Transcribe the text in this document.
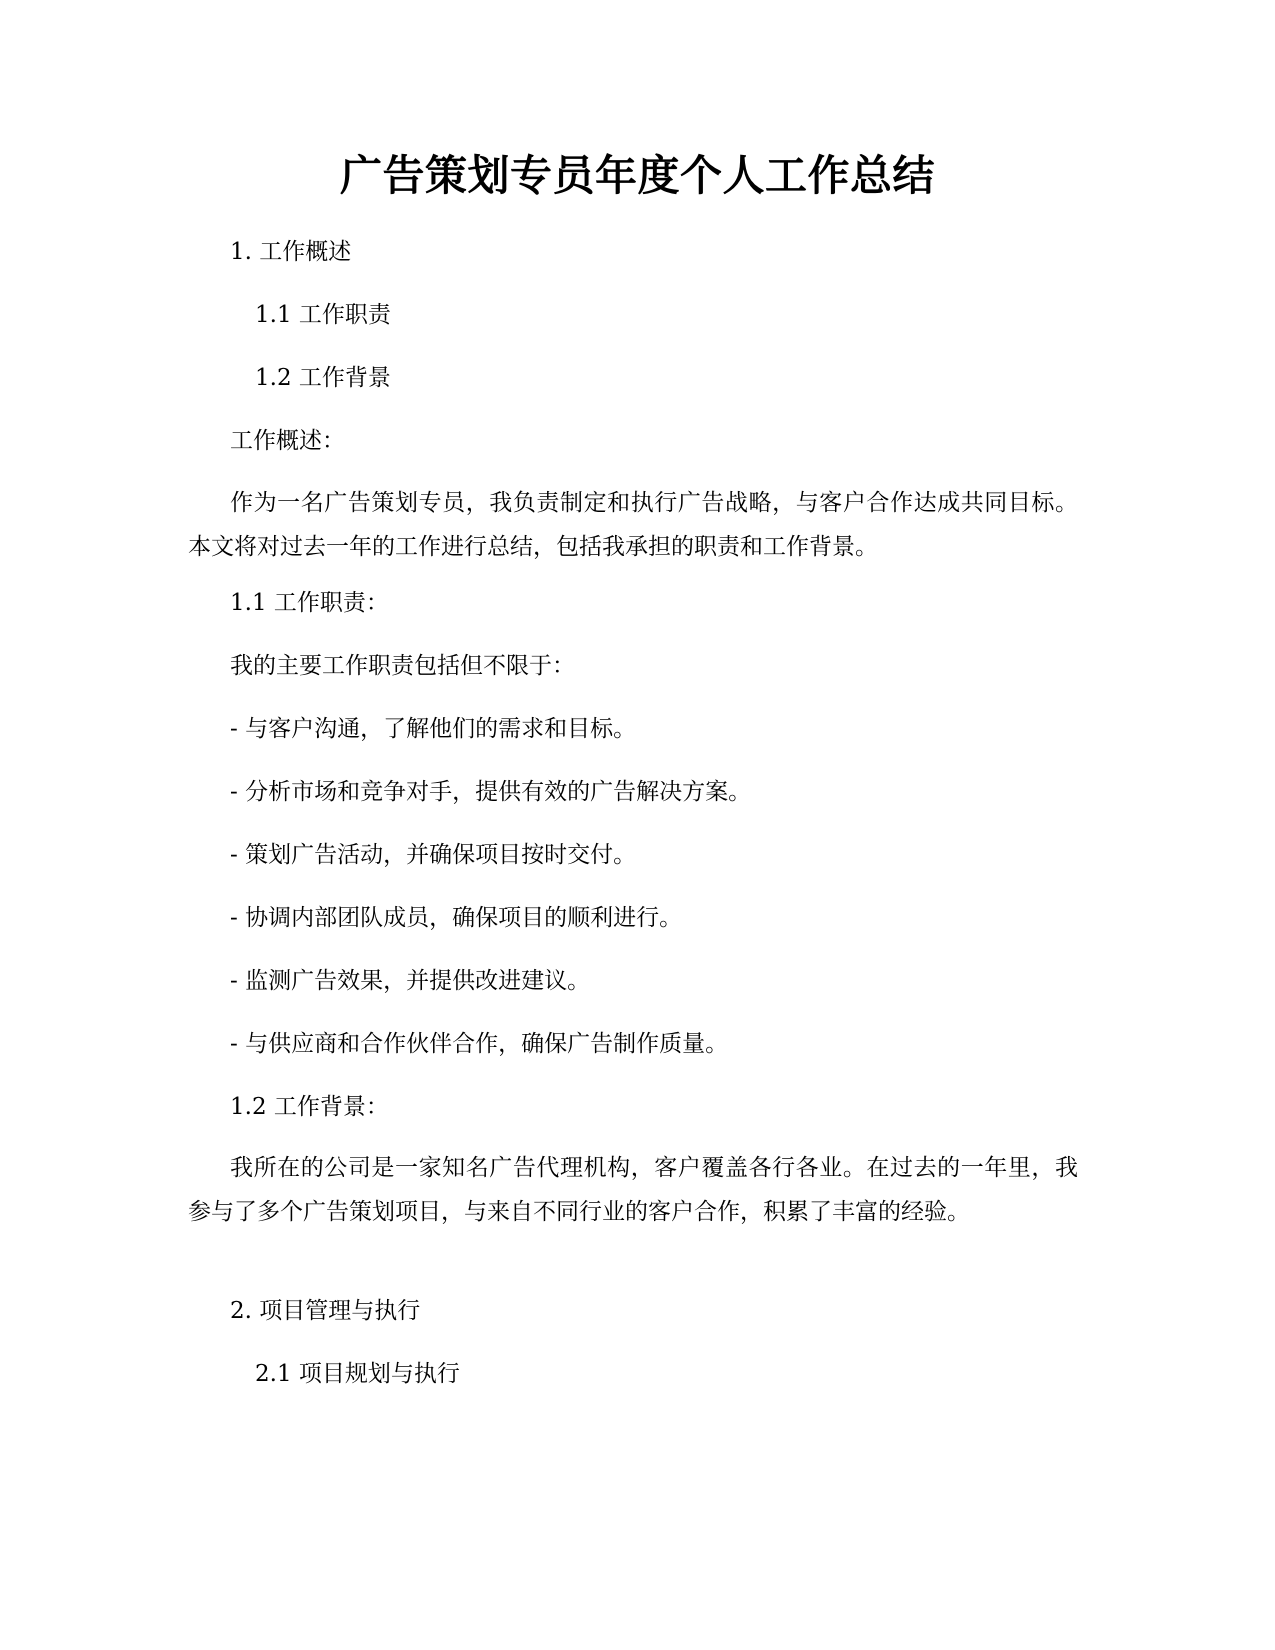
广告策划专员年度个人工作总结

1. 工作概述

1.1 工作职责

1.2 工作背景

工作概述：

作为一名广告策划专员，我负责制定和执行广告战略，与客户合作达成共同目标。本文将对过去一年的工作进行总结，包括我承担的职责和工作背景。

1.1 工作职责：

我的主要工作职责包括但不限于：

- 与客户沟通，了解他们的需求和目标。

- 分析市场和竞争对手，提供有效的广告解决方案。

- 策划广告活动，并确保项目按时交付。

- 协调内部团队成员，确保项目的顺利进行。

- 监测广告效果，并提供改进建议。

- 与供应商和合作伙伴合作，确保广告制作质量。

1.2 工作背景：

我所在的公司是一家知名广告代理机构，客户覆盖各行各业。在过去的一年里，我参与了多个广告策划项目，与来自不同行业的客户合作，积累了丰富的经验。

2. 项目管理与执行

2.1 项目规划与执行
